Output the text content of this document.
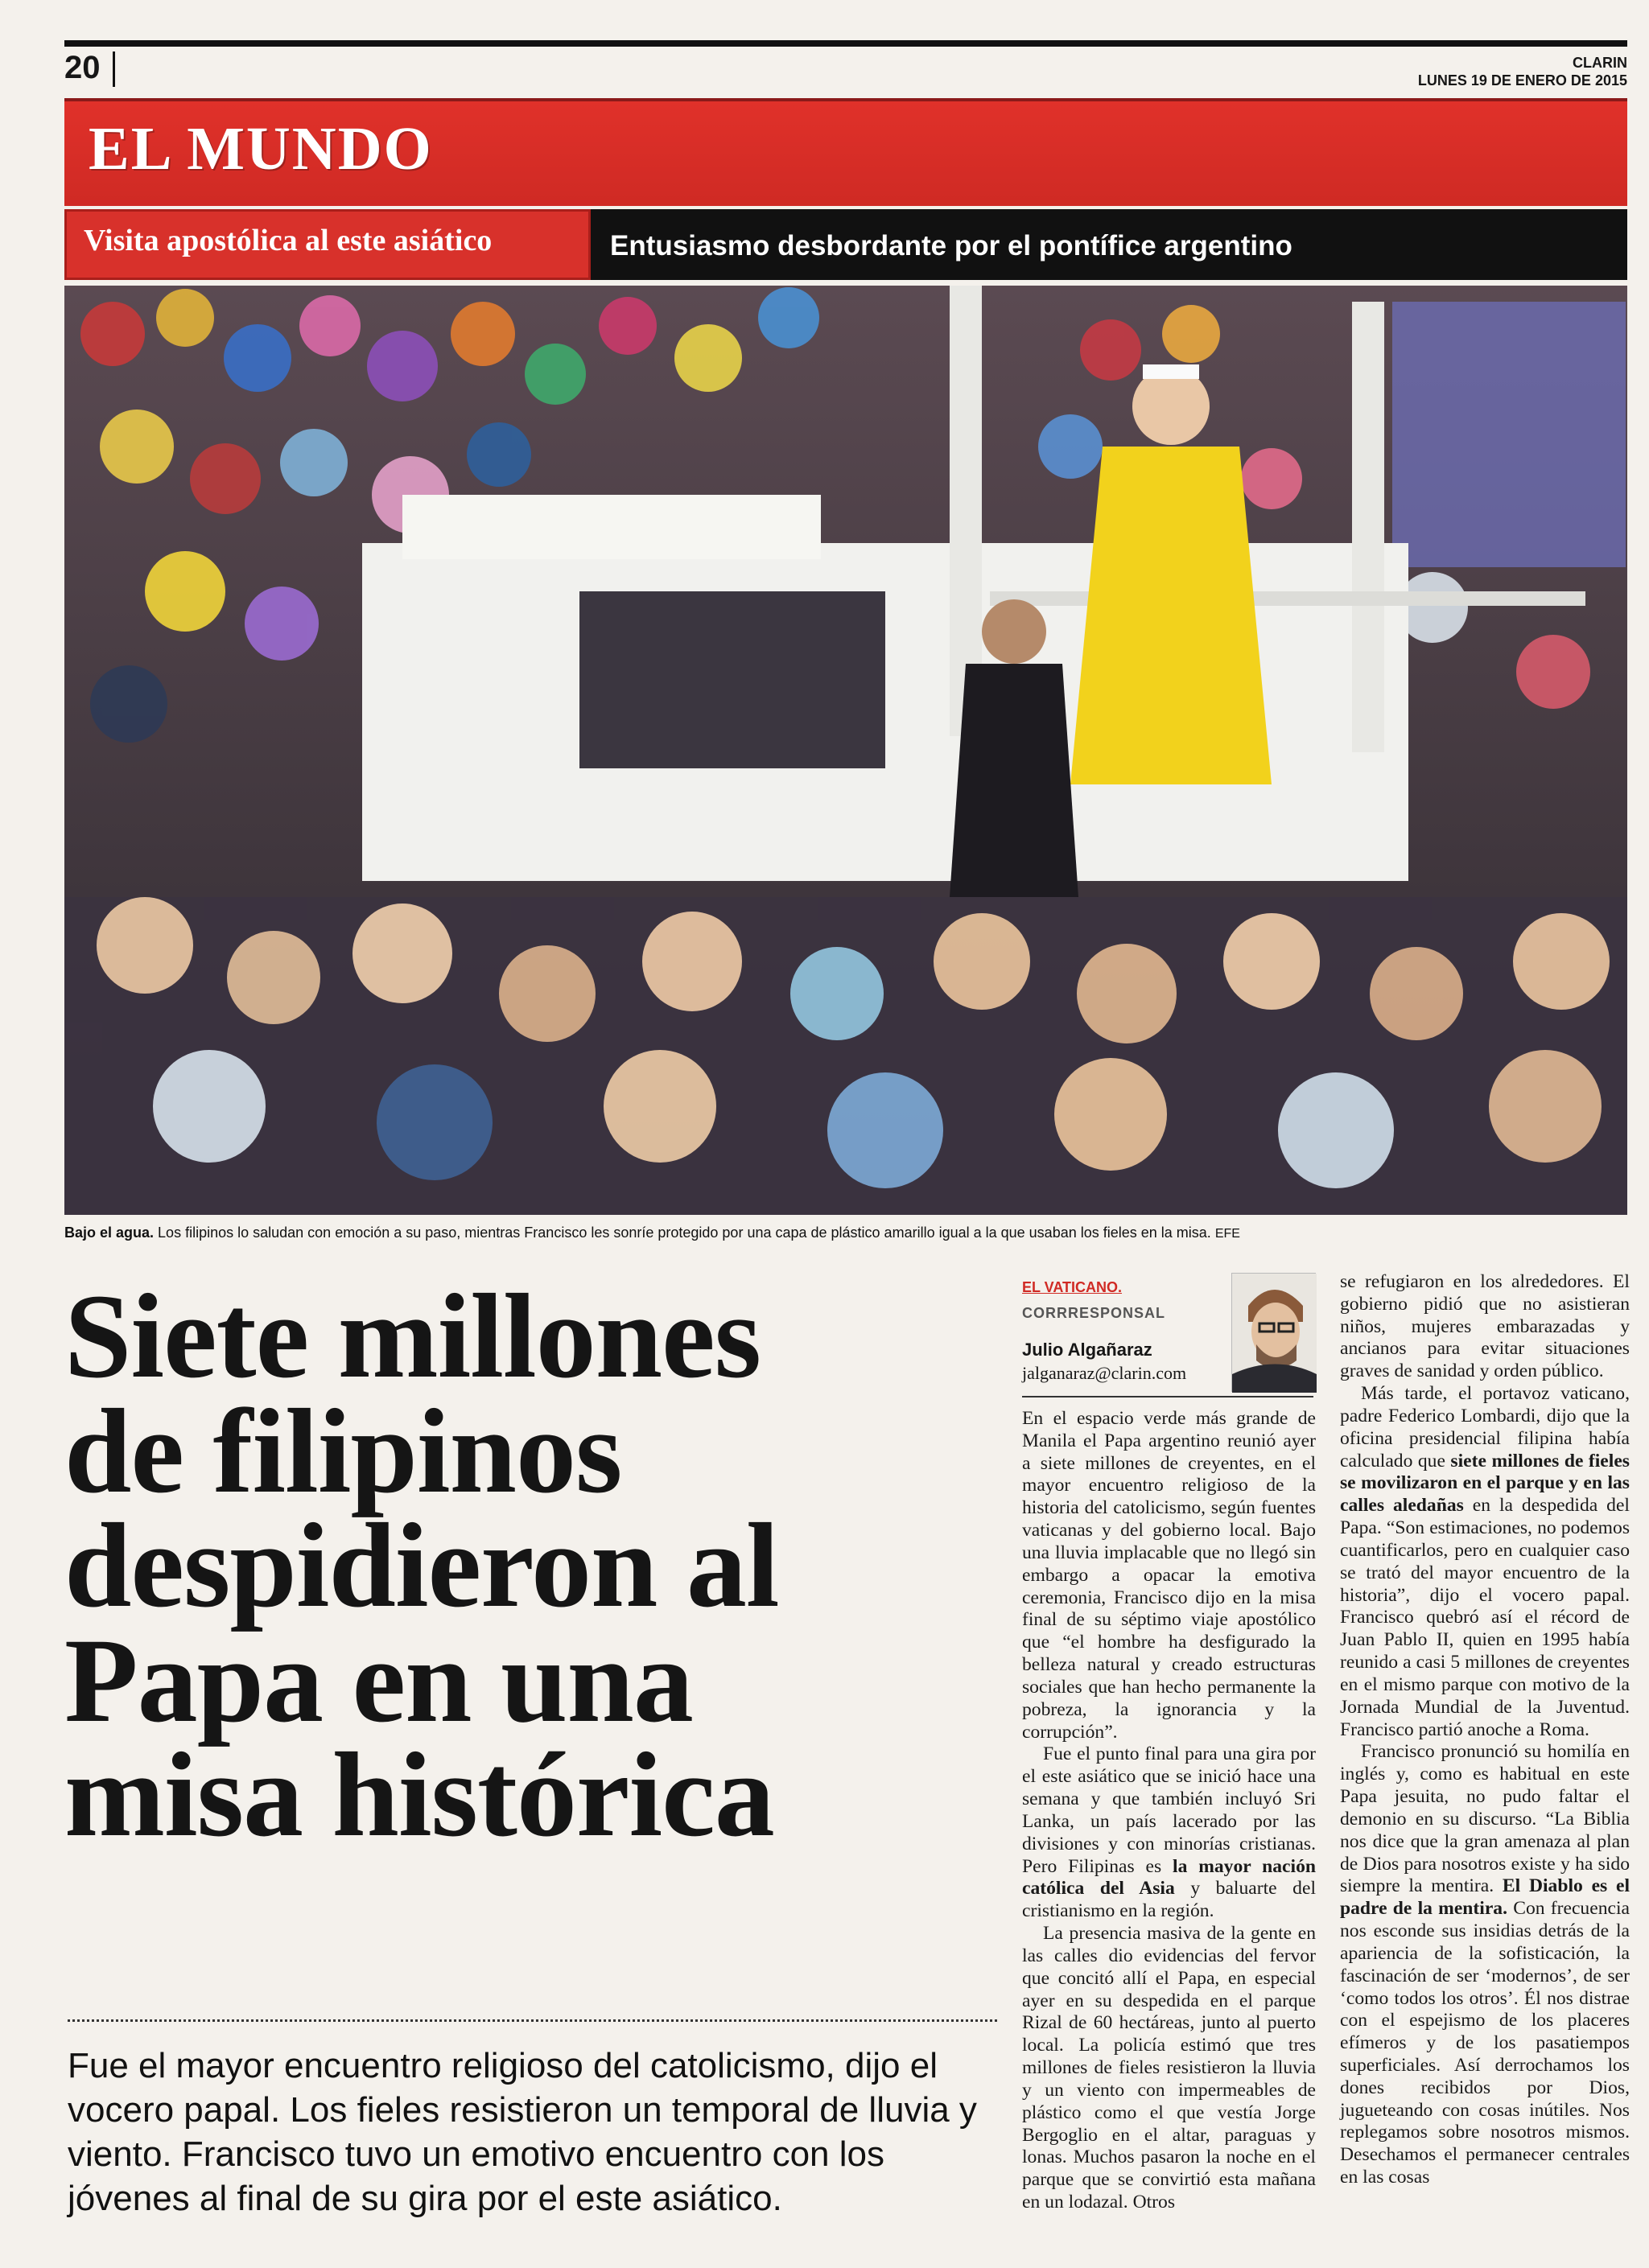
20	CLARIN
LUNES 19 DE ENERO DE 2015
EL MUNDO
Visita apostólica al este asiático	Entusiasmo desbordante por el pontífice argentino
Bajo el agua. Los filipinos lo saludan con emoción a su paso, mientras Francisco les sonríe protegido por una capa de plástico amarillo igual a la que usaban los fieles en la misa. EFE
Siete millones
de filipinos
despidieron al
Papa en una
misa histórica
Fue el mayor encuentro religioso del catolicismo, dijo el vocero papal. Los fieles resistieron un temporal de lluvia y viento. Francisco tuvo un emotivo encuentro con los jóvenes al final de su gira por el este asiático.
EL VATICANO.
CORRRESPONSAL
Julio Algañaraz
jalganaraz@clarin.com

En el espacio verde más grande de Manila el Papa argentino reunió ayer a siete millones de creyentes, en el mayor encuentro religioso de la historia del catolicismo, según fuentes vaticanas y del gobierno local. Bajo una lluvia implacable que no llegó sin embargo a opacar la emotiva ceremonia, Francisco dijo en la misa final de su séptimo viaje apostólico que “el hombre ha desfigurado la belleza natural y creado estructuras sociales que han hecho permanente la pobreza, la ignorancia y la corrupción”.

Fue el punto final para una gira por el este asiático que se inició hace una semana y que también incluyó Sri Lanka, un país lacerado por las divisiones y con minorías cristianas. Pero Filipinas es la mayor nación católica del Asia y baluarte del cristianismo en la región.

La presencia masiva de la gente en las calles dio evidencias del fervor que concitó allí el Papa, en especial ayer en su despedida en el parque Rizal de 60 hectáreas, junto al puerto local. La policía estimó que tres millones de fieles resistieron la lluvia y un viento con impermeables de plástico como el que vestía Jorge Bergoglio en el altar, paraguas y lonas. Muchos pasaron la noche en el parque que se convirtió esta mañana en un lodazal. Otros

se refugiaron en los alrededores. El gobierno pidió que no asistieran niños, mujeres embarazadas y ancianos para evitar situaciones graves de sanidad y orden público.

Más tarde, el portavoz vaticano, padre Federico Lombardi, dijo que la oficina presidencial filipina había calculado que siete millones de fieles se movilizaron en el parque y en las calles aledañas en la despedida del Papa. “Son estimaciones, no podemos cuantificarlos, pero en cualquier caso se trató del mayor encuentro de la historia”, dijo el vocero papal. Francisco quebró así el récord de Juan Pablo II, quien en 1995 había reunido a casi 5 millones de creyentes en el mismo parque con motivo de la Jornada Mundial de la Juventud. Francisco partió anoche a Roma.

Francisco pronunció su homilía en inglés y, como es habitual en este Papa jesuita, no pudo faltar el demonio en su discurso. “La Biblia nos dice que la gran amenaza al plan de Dios para nosotros existe y ha sido siempre la mentira. El Diablo es el padre de la mentira. Con frecuencia nos esconde sus insidias detrás de la apariencia de la sofisticación, la fascinación de ser ‘modernos’, de ser ‘como todos los otros’. Él nos distrae con el espejismo de los placeres efímeros y de los pasatiempos superficiales. Así derrochamos los dones recibidos por Dios, jugueteando con cosas inútiles. Nos replegamos sobre nosotros mismos. Desechamos el permanecer centrales en las cosas
